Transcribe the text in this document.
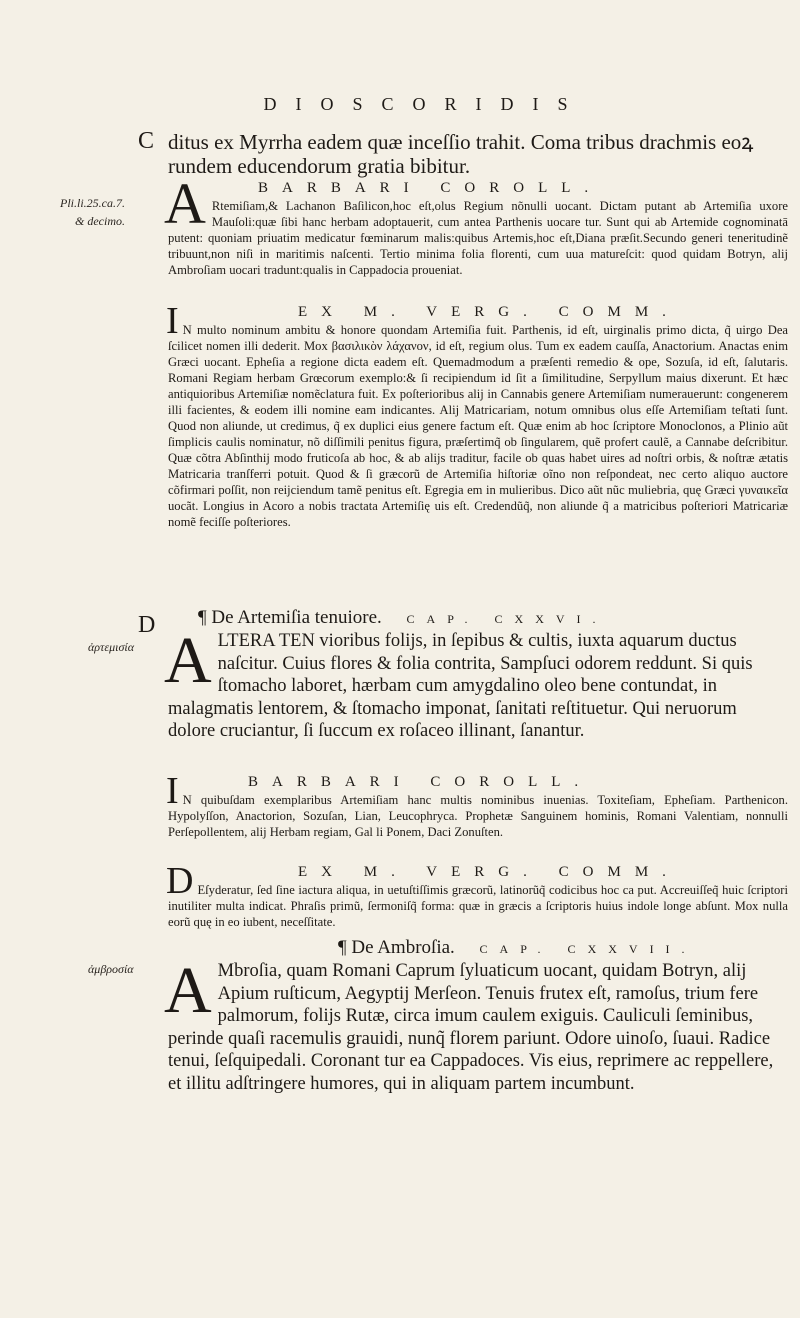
DIOSCORIDIS
C
Pli.li.25.ca.7.
& decimo.
D
ἀρτεμισία
ἀμβροσία
ditus ex Myrrha eadem quæ inceſſio trahit. Coma tribus drachmis eoꝝ
rundem educendorum gratia bibitur.
A	BARBARI COROLL.
Rtemiſiam,& Lachanon Baſilicon,hoc eſt,olus Regium nõnulli uocant. Dictam putant ab Artemiſia uxore Mauſoli:quæ ſibi hanc herbam adoptauerit, cum antea Parthenis uocare tur. Sunt qui ab Artemide cognominatā putent: quoniam priuatim medicatur fœminarum malis:quibus Artemis,hoc eſt,Diana præſit.Secundo generi teneritudinẽ tribuunt,non niſi in maritimis naſcenti. Tertio minima folia florenti, cum uua matureſcit: quod quidam Botryn, alij Ambroſiam uocari tradunt:qualis in Cappadocia proueniat.
I	EX M. VERG. COMM.
N multo nominum ambitu & honore quondam Artemiſia fuit. Parthenis, id eſt, uirginalis primo dicta, q̃ uirgo Dea ſcilicet nomen illi dederit. Mox βασιλικὸν λάχανον, id eſt, regium olus. Tum ex eadem cauſſa, Anactorium. Anactas enim Græci uocant. Epheſia a regione dicta eadem eſt. Quemadmodum a præſenti remedio & ope, Sozuſa, id eſt, ſalutaris. Romani Regiam herbam Grœcorum exemplo:& ſi recipiendum id ſit a ſimilitudine, Serpyllum maius dixerunt. Et hæc antiquioribus Artemiſiæ nomẽclatura fuit. Ex poſterioribus alij in Cannabis genere Artemiſiam numerauerunt: congenerem illi facientes, & eodem illi nomine eam indicantes. Alij Matricariam, notum omnibus olus eſſe Artemiſiam teſtati ſunt. Quod non aliunde, ut credimus, q̃ ex duplici eius genere factum eſt. Quæ enim ab hoc ſcriptore Monoclonos, a Plinio aũt ſimplicis caulis nominatur, nõ diſſimili penitus figura, præſertimq̃ ob ſingularem, quẽ profert caulẽ, a Cannabe deſcribitur. Quæ cõtra Abſinthij modo fruticoſa ab hoc, & ab alijs traditur, facile ob quas habet uires ad noſtri orbis, & noſtræ ætatis Matricaria tranſferri potuit. Quod & ſi græcorũ de Artemiſia hiſtoriæ oĩno non reſpondeat, nec certo aliquo auctore cõfirmari poſſit, non reijciendum tamẽ penitus eſt. Egregia em in mulieribus. Dico aũt nũc muliebria, quę Græci γυναικεῖα uocãt. Longius in Acoro a nobis tractata Artemiſię uis eſt. Credendũq̃, non aliunde q̃ a matricibus poſteriori Matricariæ nomẽ feciſſe poſteriores.
¶ De Artemiſia tenuiore. CAP. CXXVI.
A LTERA TEN vioribus folijs, in ſepibus & cultis, iuxta aquarum ductus naſcitur. Cuius flores & folia contrita, Sampſuci odorem reddunt. Si quis ſtomacho laboret, hærbam cum amygdalino oleo bene contundat, in malagmatis lentorem, & ſtomacho imponat, ſanitati reſtituetur. Qui neruorum dolore cruciantur, ſi ſuccum ex roſaceo illinant, ſanantur.
I	BARBARI COROLL.
N quibuſdam exemplaribus Artemiſiam hanc multis nominibus inuenias. Toxiteſiam, Epheſiam. Parthenicon. Hypolyſſon, Anactorion, Sozuſan, Lian, Leucophryca. Prophetæ Sanguinem hominis, Romani Valentiam, nonnulli Perſepollentem, alij Herbam regiam, Gal li Ponem, Daci Zonuſten.
D	EX M. VERG. COMM.
Eſyderatur, ſed ſine iactura aliqua, in uetuſtiſſimis græcorũ, latinorũq̃ codicibus hoc ca put. Accreuiſſeq̃ huic ſcriptori inutiliter multa indicat. Phraſis primũ, ſermoniſq̃ forma: quæ in græcis a ſcriptoris huius indole longe abſunt. Mox nulla eorũ quę in eo iubent, neceſſitate.
¶ De Ambroſia. CAP. CXXVII.
A Mbroſia, quam Romani Caprum ſyluaticum uocant, quidam Botryn, alij Apium ruſticum, Aegyptij Merſeon. Tenuis frutex eſt, ramoſus, trium fere palmorum, folijs Rutæ, circa imum caulem exiguis. Cauliculi ſeminibus, perinde quaſi racemulis grauidi, nunq̃ florem pariunt. Odore uinoſo, ſuaui. Radice tenui, ſeſquipedali. Coronant tur ea Cappadoces. Vis eius, reprimere ac reppellere, et illitu adſtringere humores, qui in aliquam partem incumbunt.
